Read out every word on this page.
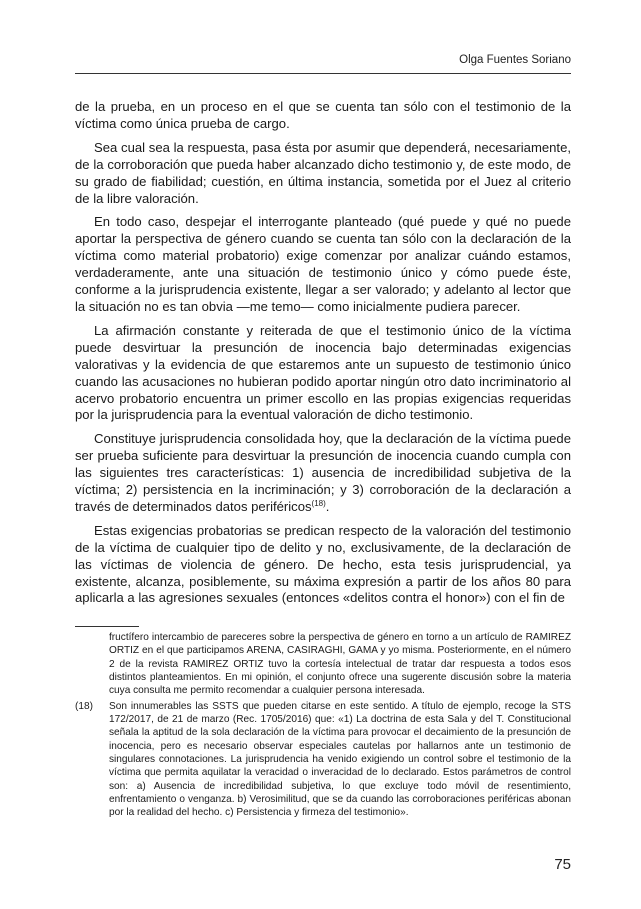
Olga Fuentes Soriano

de la prueba, en un proceso en el que se cuenta tan sólo con el testimonio de la víctima como única prueba de cargo.

Sea cual sea la respuesta, pasa ésta por asumir que dependerá, necesariamente, de la corroboración que pueda haber alcanzado dicho testimonio y, de este modo, de su grado de fiabilidad; cuestión, en última instancia, sometida por el Juez al criterio de la libre valoración.

En todo caso, despejar el interrogante planteado (qué puede y qué no puede aportar la perspectiva de género cuando se cuenta tan sólo con la declaración de la víctima como material probatorio) exige comenzar por analizar cuándo estamos, verdaderamente, ante una situación de testimonio único y cómo puede éste, conforme a la jurisprudencia existente, llegar a ser valorado; y adelanto al lector que la situación no es tan obvia —me temo— como inicialmente pudiera parecer.

La afirmación constante y reiterada de que el testimonio único de la víctima puede desvirtuar la presunción de inocencia bajo determinadas exigencias valorativas y la evidencia de que estaremos ante un supuesto de testimonio único cuando las acusaciones no hubieran podido aportar ningún otro dato incriminatorio al acervo probatorio encuentra un primer escollo en las propias exigencias requeridas por la jurisprudencia para la eventual valoración de dicho testimonio.

Constituye jurisprudencia consolidada hoy, que la declaración de la víctima puede ser prueba suficiente para desvirtuar la presunción de inocencia cuando cumpla con las siguientes tres características: 1) ausencia de incredibilidad subjetiva de la víctima; 2) persistencia en la incriminación; y 3) corroboración de la declaración a través de determinados datos periféricos$^{(18)}$.

Estas exigencias probatorias se predican respecto de la valoración del testimonio de la víctima de cualquier tipo de delito y no, exclusivamente, de la declaración de las víctimas de violencia de género. De hecho, esta tesis jurisprudencial, ya existente, alcanza, posiblemente, su máxima expresión a partir de los años 80 para aplicarla a las agresiones sexuales (entonces «delitos contra el honor») con el fin de

fructífero intercambio de pareceres sobre la perspectiva de género en torno a un artículo de RAMIREZ ORTIZ en el que participamos ARENA, CASIRAGHI, GAMA y yo misma. Posteriormente, en el número 2 de la revista RAMIREZ ORTIZ tuvo la cortesía intelectual de tratar dar respuesta a todos esos distintos planteamientos. En mi opinión, el conjunto ofrece una sugerente discusión sobre la materia cuya consulta me permito recomendar a cualquier persona interesada.

(18)	Son innumerables las SSTS que pueden citarse en este sentido. A título de ejemplo, recoge la STS 172/2017, de 21 de marzo (Rec. 1705/2016) que: «1) La doctrina de esta Sala y del T. Constitucional señala la aptitud de la sola declaración de la víctima para provocar el decaimiento de la presunción de inocencia, pero es necesario observar especiales cautelas por hallarnos ante un testimonio de singulares connotaciones. La jurisprudencia ha venido exigiendo un control sobre el testimonio de la víctima que permita aquilatar la veracidad o inveracidad de lo declarado. Estos parámetros de control son: a) Ausencia de incredibilidad subjetiva, lo que excluye todo móvil de resentimiento, enfrentamiento o venganza. b) Verosimilitud, que se da cuando las corroboraciones periféricas abonan por la realidad del hecho. c) Persistencia y firmeza del testimonio».
75
